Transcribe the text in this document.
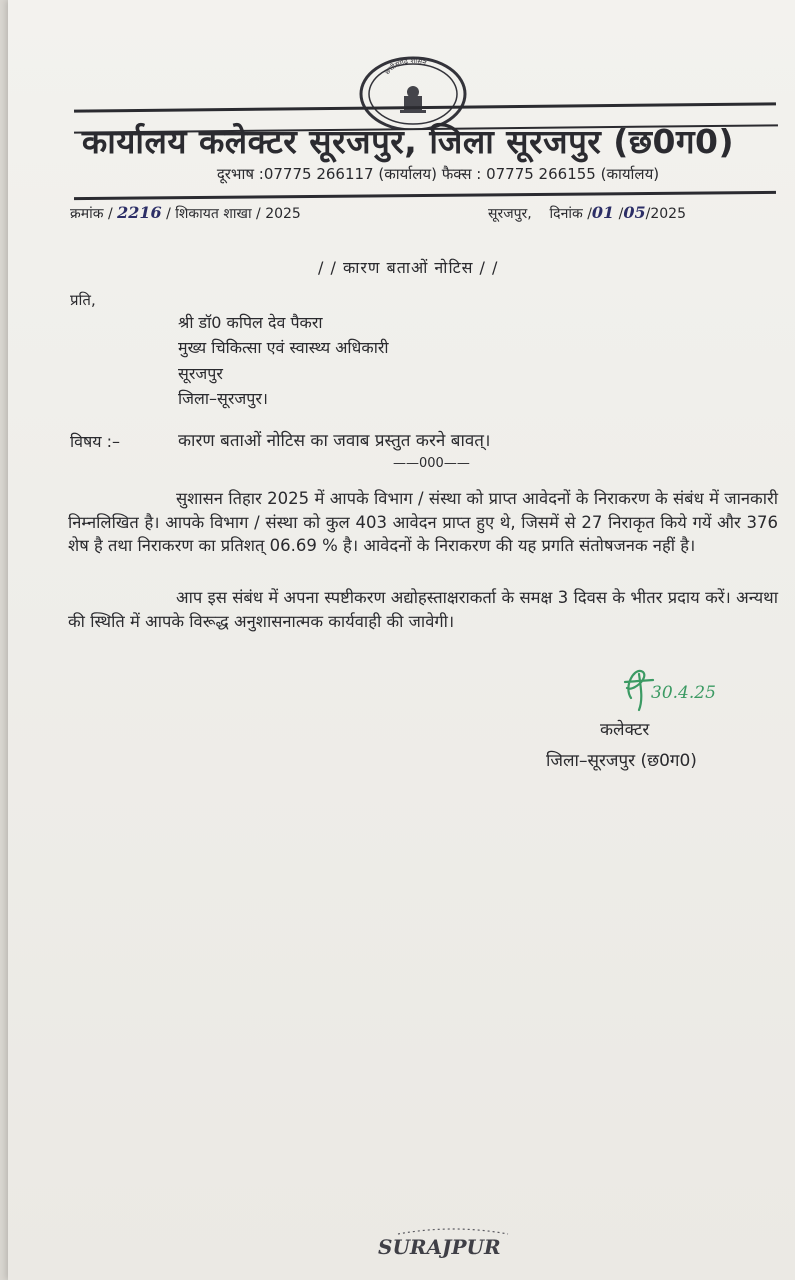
छत्तीसगढ़ शासन
कार्यालय कलेक्टर सूरजपुर, जिला सूरजपुर (छ0ग0)
दूरभाष :07775 266117 (कार्यालय) फैक्स : 07775 266155 (कार्यालय)
क्रमांक / 2216 / शिकायत शाखा / 2025	सूरजपुर, दिनांक /01 /05/2025
/ / कारण बताओं नोटिस / /
प्रति,
श्री डॉ0 कपिल देव पैकरा
मुख्य चिकित्सा एवं स्वास्थ्य अधिकारी
सूरजपुर
जिला–सूरजपुर।
विषय :–	कारण बताओं नोटिस का जवाब प्रस्तुत करने बावत्।
——000——
सुशासन तिहार 2025 में आपके विभाग / संस्था को प्राप्त आवेदनों के निराकरण के संबंध में जानकारी निम्नलिखित है। आपके विभाग / संस्था को कुल 403 आवेदन प्राप्त हुए थे, जिसमें से 27 निराकृत किये गयें और 376 शेष है तथा निराकरण का प्रतिशत् 06.69 % है। आवेदनों के निराकरण की यह प्रगति संतोषजनक नहीं है।
आप इस संबंध में अपना स्पष्टीकरण अद्योहस्ताक्षराकर्ता के समक्ष 3 दिवस के भीतर प्रदाय करें। अन्यथा की स्थिति में आपके विरूद्ध अनुशासनात्मक कार्यवाही की जावेगी।
30.4.25
कलेक्टर
जिला–सूरजपुर (छ0ग0)
SURAJPUR
